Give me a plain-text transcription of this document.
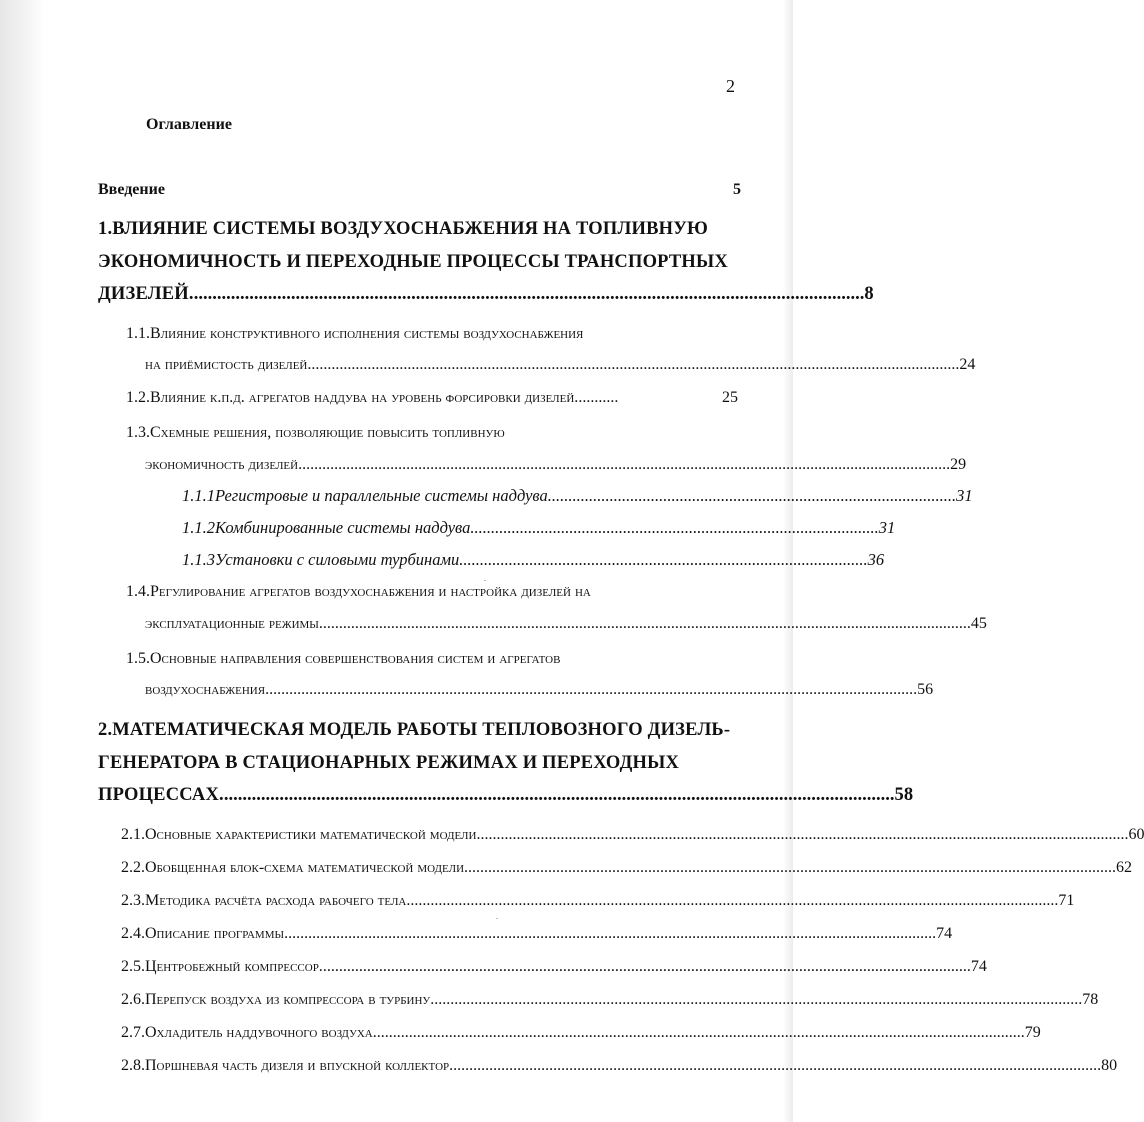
2
Оглавление
Введение	5
1.ВЛИЯНИЕ СИСТЕМЫ ВОЗДУХОСНАБЖЕНИЯ НА ТОПЛИВНУЮ
ЭКОНОМИЧНОСТЬ И ПЕРЕХОДНЫЕ ПРОЦЕССЫ ТРАНСПОРТНЫХ
ДИЗЕЛЕЙ. ................................................................................................................................................. 8
1.1.Влияние конструктивного исполнения системы воздухоснабжения
на приёмистость дизелей. .................................................................................................................................................................. 24
1.2.Влияние к.п.д. агрегатов наддува на уровень форсировки дизелей. ..........	25
1.3.Схемные решения, позволяющие повысить топливную
экономичность дизелей. .................................................................................................................................................................. 29
1.1.1Регистровые и параллельные системы наддува. .................................................................................................. 31
1.1.2Комбинированные системы наддува. .................................................................................................. 31
1.1.3Установки с силовыми турбинами. .................................................................................................. 36
1.4.Регулирование агрегатов воздухоснабжения и настройка дизелей на
эксплуатационные режимы. .................................................................................................................................................................. 45
1.5.Основные направления совершенствования систем и агрегатов
воздухоснабжения. .................................................................................................................................................................. 56
2.МАТЕМАТИЧЕСКАЯ МОДЕЛЬ РАБОТЫ ТЕПЛОВОЗНОГО ДИЗЕЛЬ-
ГЕНЕРАТОРА В СТАЦИОНАРНЫХ РЕЖИМАХ И ПЕРЕХОДНЫХ
ПРОЦЕССАХ. ................................................................................................................................................. 58
2.1.Основные характеристики математической модели. .................................................................................................................................................................. 60
2.2.Обобщенная блок-схема математической модели. .................................................................................................................................................................. 62
2.3.Методика расчёта расхода рабочего тела. .................................................................................................................................................................. 71
2.4.Описание программы. .................................................................................................................................................................. 74
2.5.Центробежный компрессор. .................................................................................................................................................................. 74
2.6.Перепуск воздуха из компрессора в турбину. .................................................................................................................................................................. 78
2.7.Охладитель наддувочного воздуха. .................................................................................................................................................................. 79
2.8.Поршневая часть дизеля и впускной коллектор. .................................................................................................................................................................. 80
